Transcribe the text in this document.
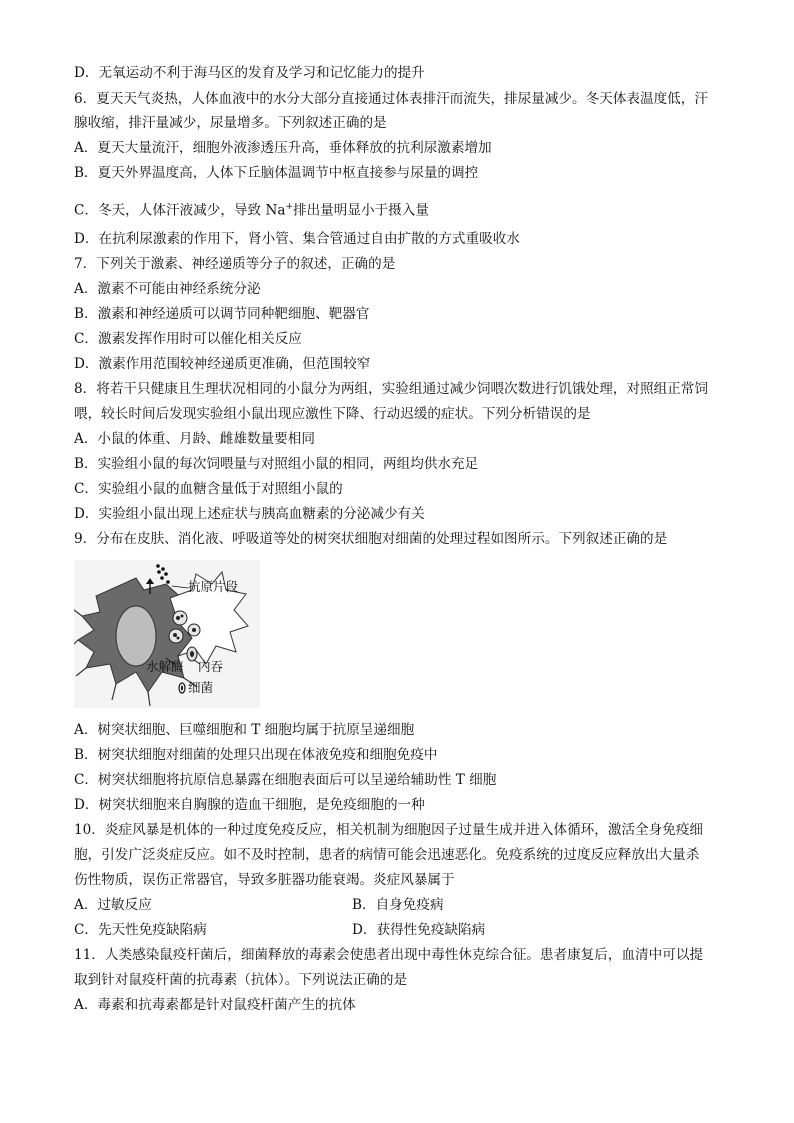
D．无氧运动不利于海马区的发育及学习和记忆能力的提升
6．夏天天气炎热，人体血液中的水分大部分直接通过体表排汗而流失，排尿量减少。冬天体表温度低，汗
腺收缩，排汗量减少，尿量增多。下列叙述正确的是
A．夏天大量流汗，细胞外液渗透压升高，垂体释放的抗利尿激素增加
B．夏天外界温度高，人体下丘脑体温调节中枢直接参与尿量的调控
C．冬天，人体汗液减少，导致 Na+排出量明显小于摄入量
D．在抗利尿激素的作用下，肾小管、集合管通过自由扩散的方式重吸收水
7．下列关于激素、神经递质等分子的叙述，正确的是
A．激素不可能由神经系统分泌
B．激素和神经递质可以调节同种靶细胞、靶器官
C．激素发挥作用时可以催化相关反应
D．激素作用范围较神经递质更准确，但范围较窄
8．将若干只健康且生理状况相同的小鼠分为两组，实验组通过减少饲喂次数进行饥饿处理，对照组正常饲
喂，较长时间后发现实验组小鼠出现应激性下降、行动迟缓的症状。下列分析错误的是
A．小鼠的体重、月龄、雌雄数量要相同
B．实验组小鼠的每次饲喂量与对照组小鼠的相同，两组均供水充足
C．实验组小鼠的血糖含量低于对照组小鼠的
D．实验组小鼠出现上述症状与胰高血糖素的分泌减少有关
9．分布在皮肤、消化液、呼吸道等处的树突状细胞对细菌的处理过程如图所示。下列叙述正确的是
抗原片段
水解酶 内吞
细菌
A．树突状细胞、巨噬细胞和 T 细胞均属于抗原呈递细胞
B．树突状细胞对细菌的处理只出现在体液免疫和细胞免疫中
C．树突状细胞将抗原信息暴露在细胞表面后可以呈递给辅助性 T 细胞
D．树突状细胞来自胸腺的造血干细胞，是免疫细胞的一种
10．炎症风暴是机体的一种过度免疫反应，相关机制为细胞因子过量生成并进入体循环，激活全身免疫细
胞，引发广泛炎症反应。如不及时控制，患者的病情可能会迅速恶化。免疫系统的过度反应释放出大量杀
伤性物质，误伤正常器官，导致多脏器功能衰竭。炎症风暴属于
A．过敏反应	B．自身免疫病
C．先天性免疫缺陷病	D．获得性免疫缺陷病
11．人类感染鼠疫杆菌后，细菌释放的毒素会使患者出现中毒性休克综合征。患者康复后，血清中可以提
取到针对鼠疫杆菌的抗毒素（抗体）。下列说法正确的是
A．毒素和抗毒素都是针对鼠疫杆菌产生的抗体
